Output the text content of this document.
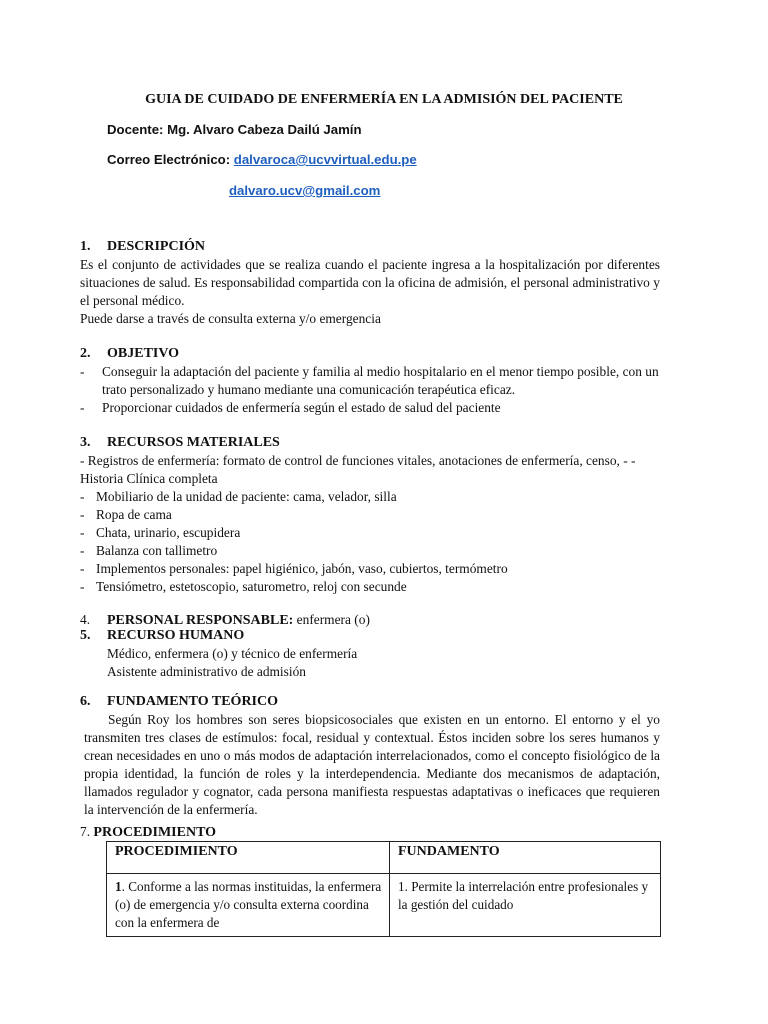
GUIA DE CUIDADO DE ENFERMERÍA EN LA ADMISIÓN DEL PACIENTE
Docente: Mg. Alvaro Cabeza Dailú Jamín
Correo Electrónico: dalvaroca@ucvvirtual.edu.pe
dalvaro.ucv@gmail.com
1. DESCRIPCIÓN
Es el conjunto de actividades que se realiza cuando el paciente ingresa a la hospitalización por diferentes situaciones de salud. Es responsabilidad compartida con la oficina de admisión, el personal administrativo y el personal médico.
Puede darse a través de consulta externa y/o emergencia
2. OBJETIVO
- Conseguir la adaptación del paciente y familia al medio hospitalario en el menor tiempo posible, con un trato personalizado y humano mediante una comunicación terapéutica eficaz.
- Proporcionar cuidados de enfermería según el estado de salud del paciente
3. RECURSOS MATERIALES
- Registros de enfermería: formato de control de funciones vitales, anotaciones de enfermería, censo, - -
Historia Clínica completa
- Mobiliario de la unidad de paciente: cama, velador, silla
- Ropa de cama
- Chata, urinario, escupidera
- Balanza con tallimetro
- Implementos personales: papel higiénico, jabón, vaso, cubiertos, termómetro
- Tensiómetro, estetoscopio, saturometro, reloj con secunde
4. PERSONAL RESPONSABLE: enfermera (o)
5. RECURSO HUMANO
Médico, enfermera (o) y técnico de enfermería
Asistente administrativo de admisión
6. FUNDAMENTO TEÓRICO
Según Roy los hombres son seres biopsicosociales que existen en un entorno. El entorno y el yo transmiten tres clases de estímulos: focal, residual y contextual. Éstos inciden sobre los seres humanos y crean necesidades en uno o más modos de adaptación interrelacionados, como el concepto fisiológico de la propia identidad, la función de roles y la interdependencia. Mediante dos mecanismos de adaptación, llamados regulador y cognator, cada persona manifiesta respuestas adaptativas o ineficaces que requieren la intervención de la enfermería.
7. PROCEDIMIENTO
PROCEDIMIENTO	FUNDAMENTO
1. Conforme a las normas instituidas, la enfermera (o) de emergencia y/o consulta externa coordina con la enfermera de	1. Permite la interrelación entre profesionales y la gestión del cuidado
